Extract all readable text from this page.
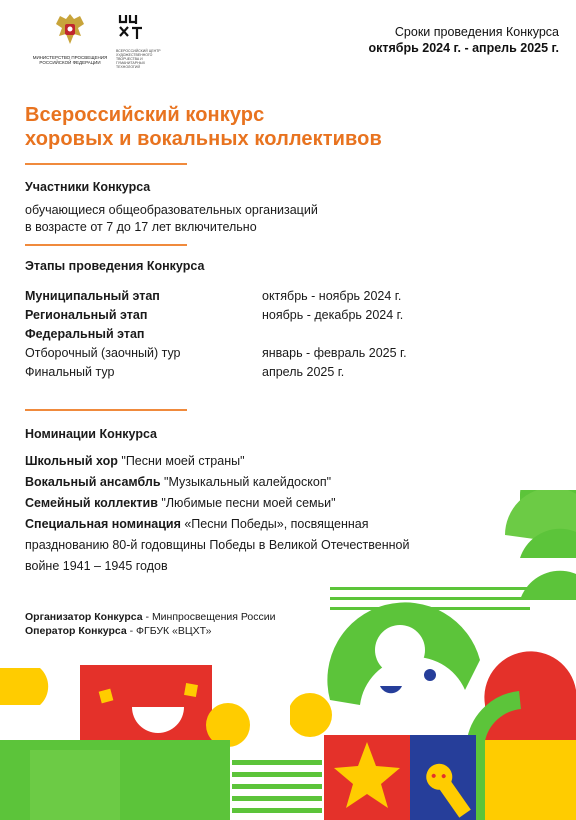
МИНИСТЕРСТВО ПРОСВЕЩЕНИЯ РОССИЙСКОЙ ФЕДЕРАЦИИ
ВСЕРОССИЙСКИЙ ЦЕНТР ХУДОЖЕСТВЕННОГО ТВОРЧЕСТВА И ГУМАНИТАРНЫХ ТЕХНОЛОГИЙ
Сроки проведения Конкурса
октябрь 2024 г. - апрель 2025 г.
Всероссийский конкурс
хоровых и вокальных коллективов
Участники Конкурса
обучающиеся общеобразовательных организаций
в возрасте от 7 до 17 лет включительно
Этапы проведения Конкурса
Муниципальный этап	октябрь - ноябрь 2024 г.
Региональный этап	ноябрь - декабрь 2024 г.
Федеральный этап
Отборочный (заочный) тур	январь - февраль 2025 г.
Финальный тур	апрель 2025 г.
Номинации Конкурса
Школьный хор "Песни моей страны"
Вокальный ансамбль "Музыкальный калейдоскоп"
Семейный коллектив "Любимые песни моей семьи"
Специальная номинация «Песни Победы», посвященная
празднованию 80-й годовщины Победы в Великой Отечественной
войне 1941 – 1945 годов
Организатор Конкурса - Минпросвещения России
Оператор Конкурса - ФГБУК «ВЦХТ»
